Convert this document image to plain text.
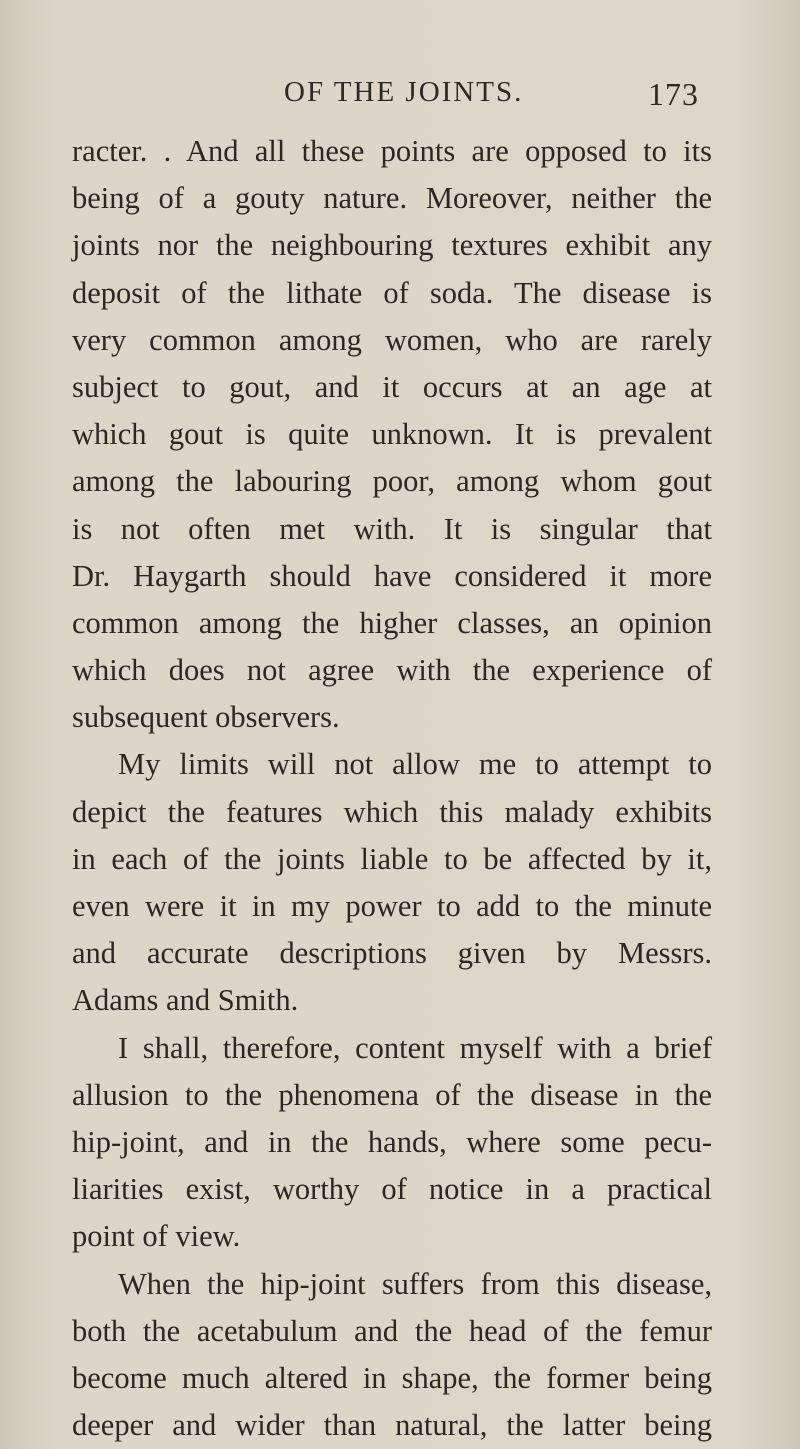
OF THE JOINTS.	173
racter. . And all these points are opposed to its
being of a gouty nature. Moreover, neither the
joints nor the neighbouring textures exhibit any
deposit of the lithate of soda. The disease is
very common among women, who are rarely
subject to gout, and it occurs at an age at
which gout is quite unknown. It is prevalent
among the labouring poor, among whom gout
is not often met with. It is singular that
Dr. Haygarth should have considered it more
common among the higher classes, an opinion
which does not agree with the experience of
subsequent observers.
My limits will not allow me to attempt to
depict the features which this malady exhibits
in each of the joints liable to be affected by it,
even were it in my power to add to the minute
and accurate descriptions given by Messrs.
Adams and Smith.
I shall, therefore, content myself with a brief
allusion to the phenomena of the disease in the
hip-joint, and in the hands, where some pecu-
liarities exist, worthy of notice in a practical
point of view.
When the hip-joint suffers from this disease,
both the acetabulum and the head of the femur
become much altered in shape, the former being
deeper and wider than natural, the latter being
